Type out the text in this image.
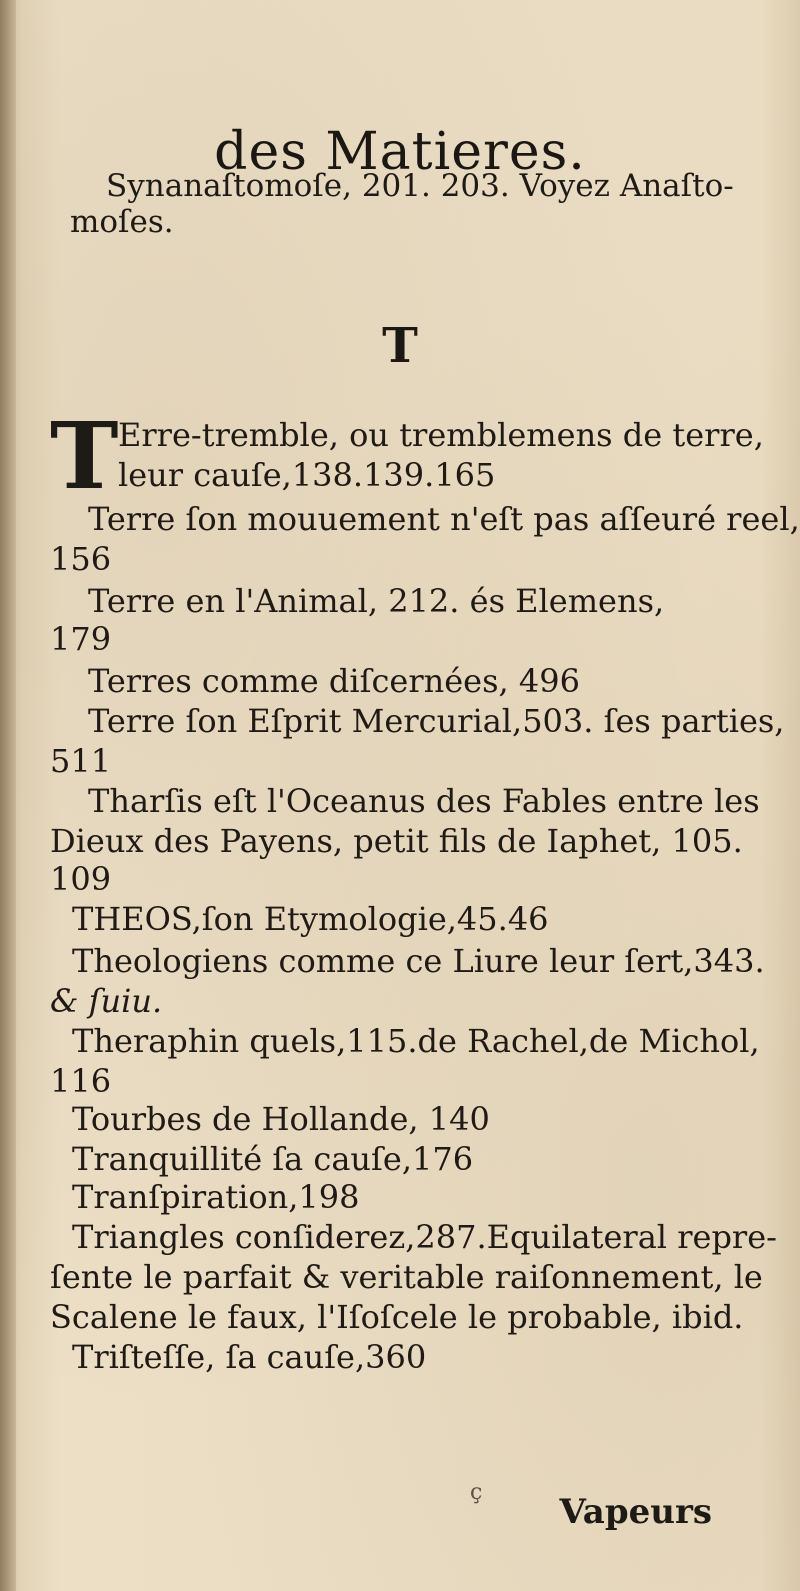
des Matieres.
Synanaſtomoſe, 201. 203. Voyez Anaſto-
moſes.
T
T Erre-tremble, ou tremblemens de terre,
leur cauſe,138.139.165
Terre ſon mouuement n'eſt pas aſſeuré reel,
156
Terre en l'Animal, 212. és Elemens,
179
Terres comme diſcernées, 496
Terre ſon Eſprit Mercurial,503. ſes parties,
511
Tharſis eſt l'Oceanus des Fables entre les
Dieux des Payens, petit fils de Iaphet, 105.
109
THEOS,ſon Etymologie,45.46
Theologiens comme ce Liure leur ſert,343.
& ſuiu.
Theraphin quels,115.de Rachel,de Michol,
116
Tourbes de Hollande, 140
Tranquillité ſa cauſe,176
Tranſpiration,198
Triangles conſiderez,287.Equilateral repre-
ſente le parfait & veritable raiſonnement, le
Scalene le faux, l'Iſoſcele le probable, ibid.
Triſteſſe, ſa cauſe,360
ç Vapeurs
